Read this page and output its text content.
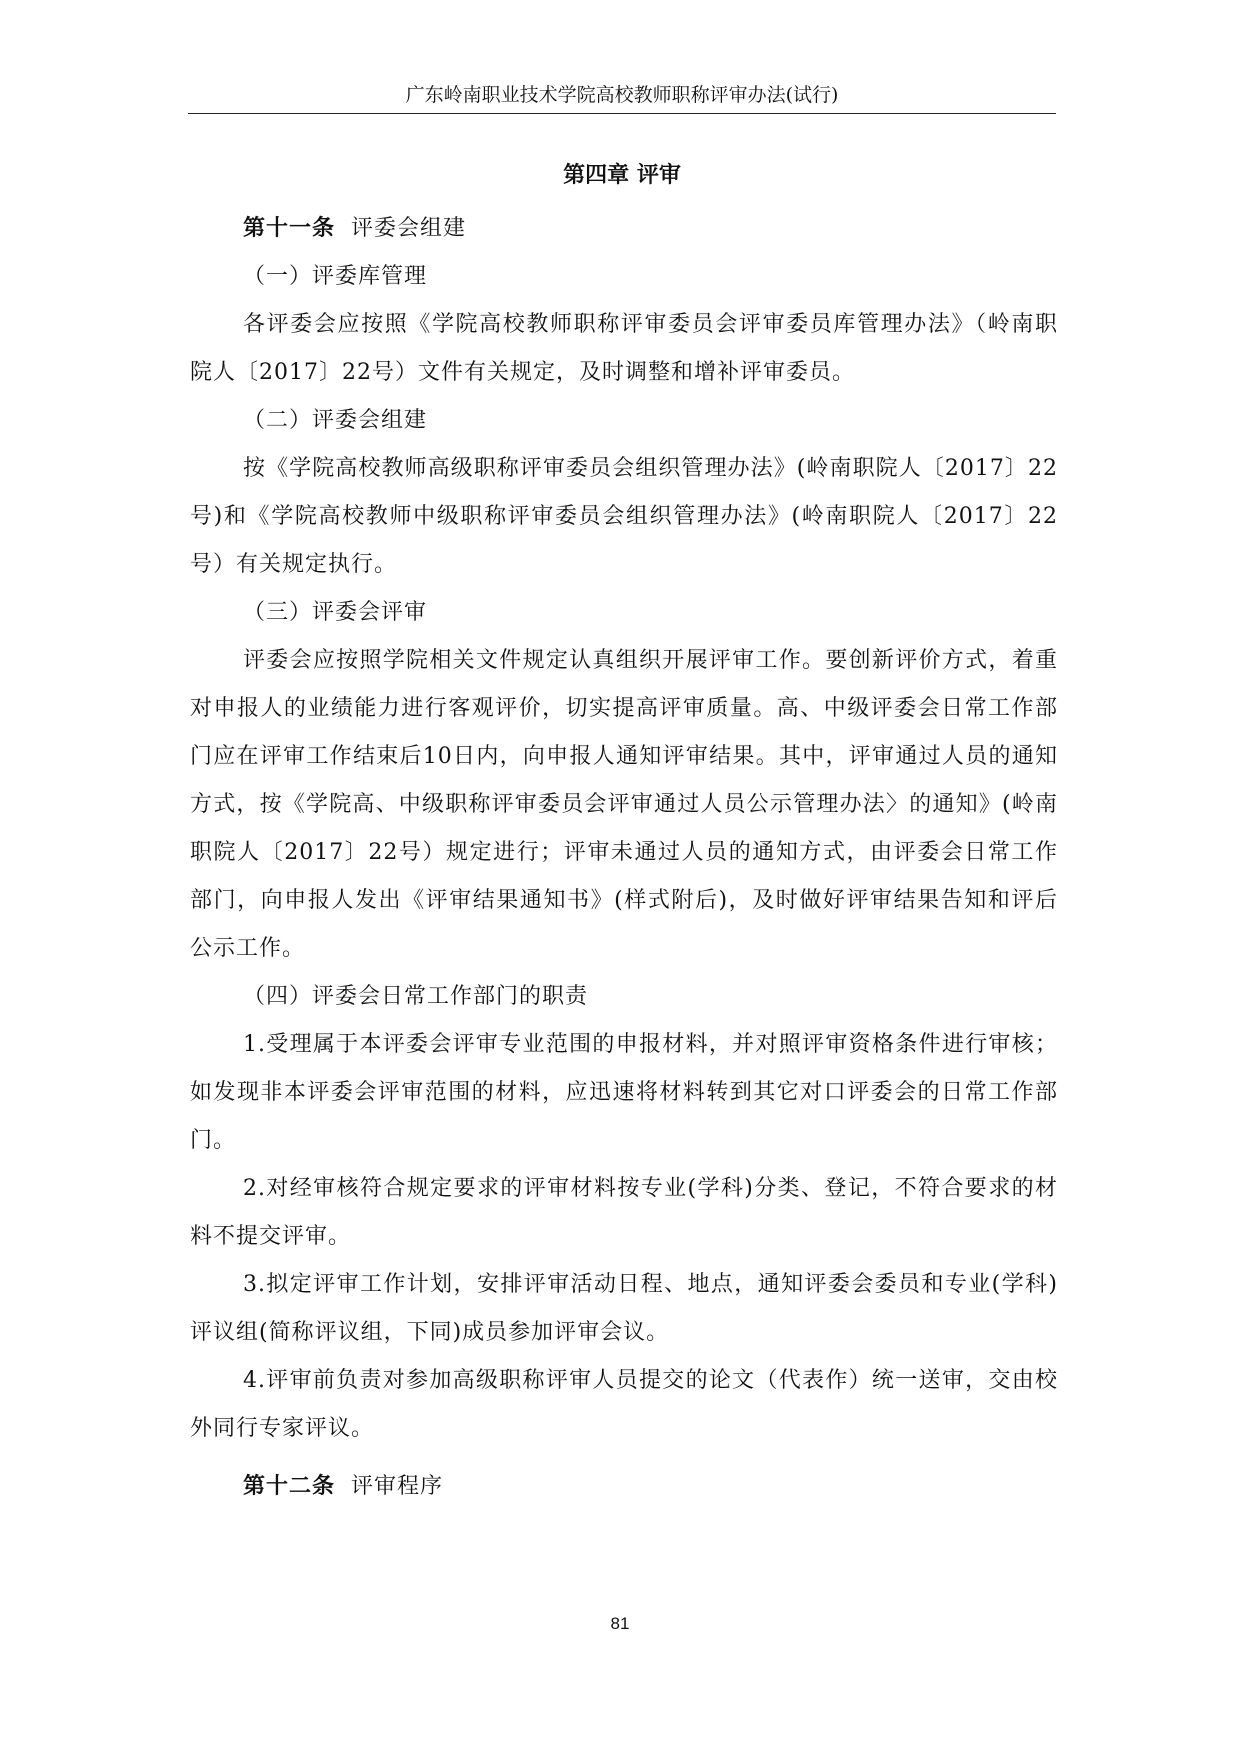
广东岭南职业技术学院高校教师职称评审办法(试行)
第四章 评审

第十一条 评委会组建

（一）评委库管理

各评委会应按照《学院高校教师职称评审委员会评审委员库管理办法》（岭南职院人〔2017〕22号）文件有关规定，及时调整和增补评审委员。

（二）评委会组建

按《学院高校教师高级职称评审委员会组织管理办法》(岭南职院人〔2017〕22号)和《学院高校教师中级职称评审委员会组织管理办法》(岭南职院人〔2017〕22号）有关规定执行。

（三）评委会评审

评委会应按照学院相关文件规定认真组织开展评审工作。要创新评价方式，着重对申报人的业绩能力进行客观评价，切实提高评审质量。高、中级评委会日常工作部门应在评审工作结束后10日内，向申报人通知评审结果。其中，评审通过人员的通知方式，按《学院高、中级职称评审委员会评审通过人员公示管理办法〉的通知》(岭南职院人〔2017〕22号）规定进行；评审未通过人员的通知方式，由评委会日常工作部门，向申报人发出《评审结果通知书》(样式附后)，及时做好评审结果告知和评后公示工作。

（四）评委会日常工作部门的职责

1.受理属于本评委会评审专业范围的申报材料，并对照评审资格条件进行审核；如发现非本评委会评审范围的材料，应迅速将材料转到其它对口评委会的日常工作部门。

2.对经审核符合规定要求的评审材料按专业(学科)分类、登记，不符合要求的材料不提交评审。

3.拟定评审工作计划，安排评审活动日程、地点，通知评委会委员和专业(学科)评议组(简称评议组，下同)成员参加评审会议。

4.评审前负责对参加高级职称评审人员提交的论文（代表作）统一送审，交由校外同行专家评议。

第十二条 评审程序

81
